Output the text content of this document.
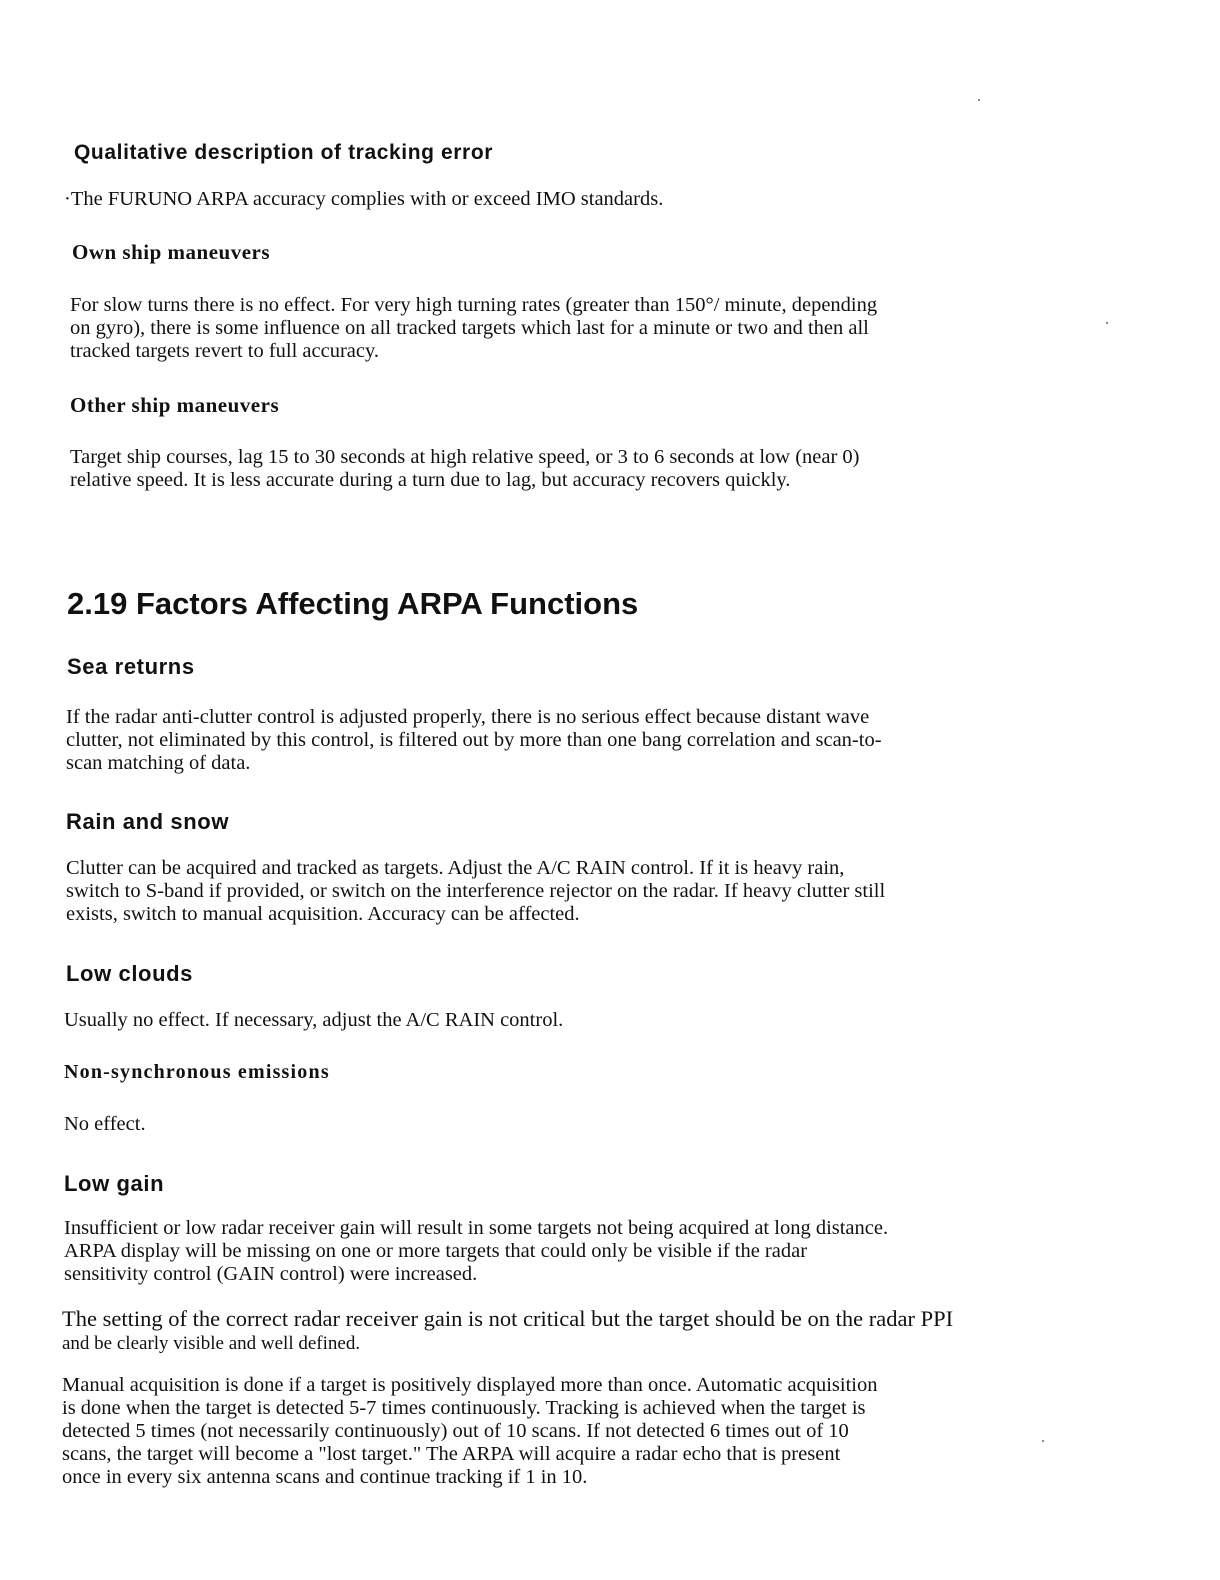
Qualitative description of tracking error

·The FURUNO ARPA accuracy complies with or exceed IMO standards.

Own ship maneuvers

For slow turns there is no effect. For very high turning rates (greater than 150°/ minute, depending
on gyro), there is some influence on all tracked targets which last for a minute or two and then all
tracked targets revert to full accuracy.

Other ship maneuvers

Target ship courses, lag 15 to 30 seconds at high relative speed, or 3 to 6 seconds at low (near 0)
relative speed. It is less accurate during a turn due to lag, but accuracy recovers quickly.

2.19 Factors Affecting ARPA Functions
Sea returns

If the radar anti-clutter control is adjusted properly, there is no serious effect because distant wave
clutter, not eliminated by this control, is filtered out by more than one bang correlation and scan-to-
scan matching of data.

Rain and snow

Clutter can be acquired and tracked as targets. Adjust the A/C RAIN control. If it is heavy rain,
switch to S-band if provided, or switch on the interference rejector on the radar. If heavy clutter still
exists, switch to manual acquisition. Accuracy can be affected.

Low clouds

Usually no effect. If necessary, adjust the A/C RAIN control.

Non-synchronous emissions

No effect.

Low gain

Insufficient or low radar receiver gain will result in some targets not being acquired at long distance.
ARPA display will be missing on one or more targets that could only be visible if the radar
sensitivity control (GAIN control) were increased.

The setting of the correct radar receiver gain is not critical but the target should be on the radar PPI
and be clearly visible and well defined.

Manual acquisition is done if a target is positively displayed more than once. Automatic acquisition
is done when the target is detected 5-7 times continuously. Tracking is achieved when the target is
detected 5 times (not necessarily continuously) out of 10 scans. If not detected 6 times out of 10
scans, the target will become a "lost target." The ARPA will acquire a radar echo that is present
once in every six antenna scans and continue tracking if 1 in 10.
